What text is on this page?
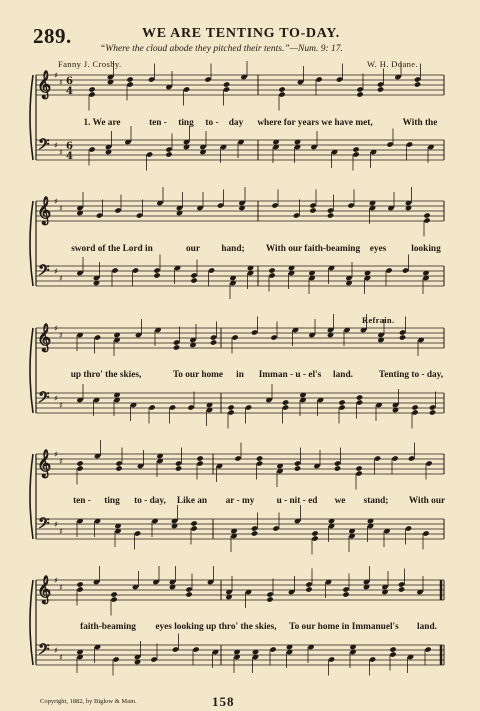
289.	WE ARE TENTING TO-DAY.
“Where the cloud abode they pitched their tents.”—Num. 9: 17.
Fanny J. Crosby.	W. H. Doane.
𝄞 ♯
♯ 6
4
𝄢 ♯
♯ 6
4
𝄞 ♯
♯
𝄢 ♯
♯
𝄞 ♯
♯
𝄢 ♯
♯
𝄞 ♯
♯
𝄢 ♯
♯
𝄞 ♯
♯
𝄢 ♯
♯
1. We are	ten - ting to - day where for years we have met,	With the
sword of the Lord in	our hand; With our faith-beaming eyes	looking
up thro' the skies,	To our home in Imman - u - el's land.	Tenting to - day,
ten - ting to - day, Like an ar - my u - nit - ed we stand; With our
faith-beaming eyes looking up thro' the skies, To our home in Immanuel's land.
Refrain.
Copyright, 1882, by Biglow & Main.	158
